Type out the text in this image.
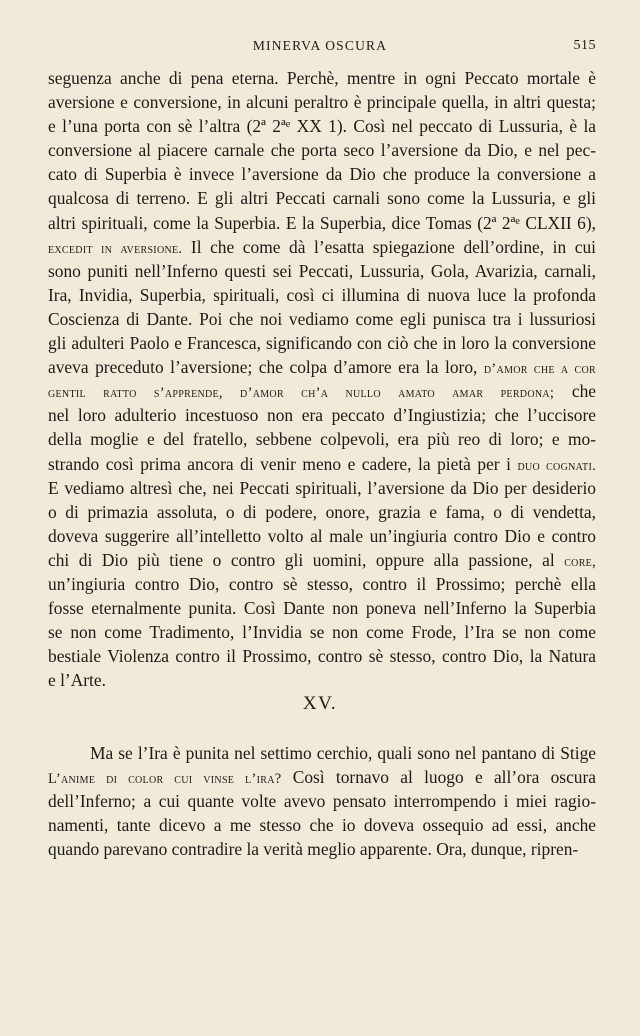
MINERVA OSCURA	515
seguenza anche di pena eterna. Perchè, mentre in ogni Peccato mortale è
aversione e conversione, in alcuni peraltro è principale quella, in altri questa;
e l’una porta con sè l’altra (2ª 2ªᵉ XX 1). Così nel peccato di Lussuria, è la
conversione al piacere carnale che porta seco l’aversione da Dio, e nel pec-
cato di Superbia è invece l’aversione da Dio che produce la conversione a
qualcosa di terreno. E gli altri Peccati carnali sono come la Lussuria, e gli
altri spirituali, come la Superbia. E la Superbia, dice Tomas (2ª 2ªᵉ CLXII 6),
excedit in aversione. Il che come dà l’esatta spiegazione dell’ordine, in cui
sono puniti nell’Inferno questi sei Peccati, Lussuria, Gola, Avarizia, carnali,
Ira, Invidia, Superbia, spirituali, così ci illumina di nuova luce la profonda
Coscienza di Dante. Poi che noi vediamo come egli punisca tra i lussuriosi
gli adulteri Paolo e Francesca, significando con ciò che in loro la conversione
aveva preceduto l’aversione; che colpa d’amore era la loro, d’amor che a cor
gentil ratto s’apprende, d’amor ch’a nullo amato amar perdona; che
nel loro adulterio incestuoso non era peccato d’Ingiustizia; che l’uccisore
della moglie e del fratello, sebbene colpevoli, era più reo di loro; e mo-
strando così prima ancora di venir meno e cadere, la pietà per i duo cognati.
E vediamo altresì che, nei Peccati spirituali, l’aversione da Dio per desiderio
o di primazia assoluta, o di podere, onore, grazia e fama, o di vendetta,
doveva suggerire all’intelletto volto al male un’ingiuria contro Dio e contro
chi di Dio più tiene o contro gli uomini, oppure alla passione, al core,
un’ingiuria contro Dio, contro sè stesso, contro il Prossimo; perchè ella
fosse eternalmente punita. Così Dante non poneva nell’Inferno la Superbia
se non come Tradimento, l’Invidia se non come Frode, l’Ira se non come
bestiale Violenza contro il Prossimo, contro sè stesso, contro Dio, la Natura
e l’Arte.
XV.
Ma se l’Ira è punita nel settimo cerchio, quali sono nel pantano di Stige
L’anime di color cui vinse l’ira? Così tornavo al luogo e all’ora oscura
dell’Inferno; a cui quante volte avevo pensato interrompendo i miei ragio-
namenti, tante dicevo a me stesso che io doveva ossequio ad essi, anche
quando parevano contradire la verità meglio apparente. Ora, dunque, ripren-
